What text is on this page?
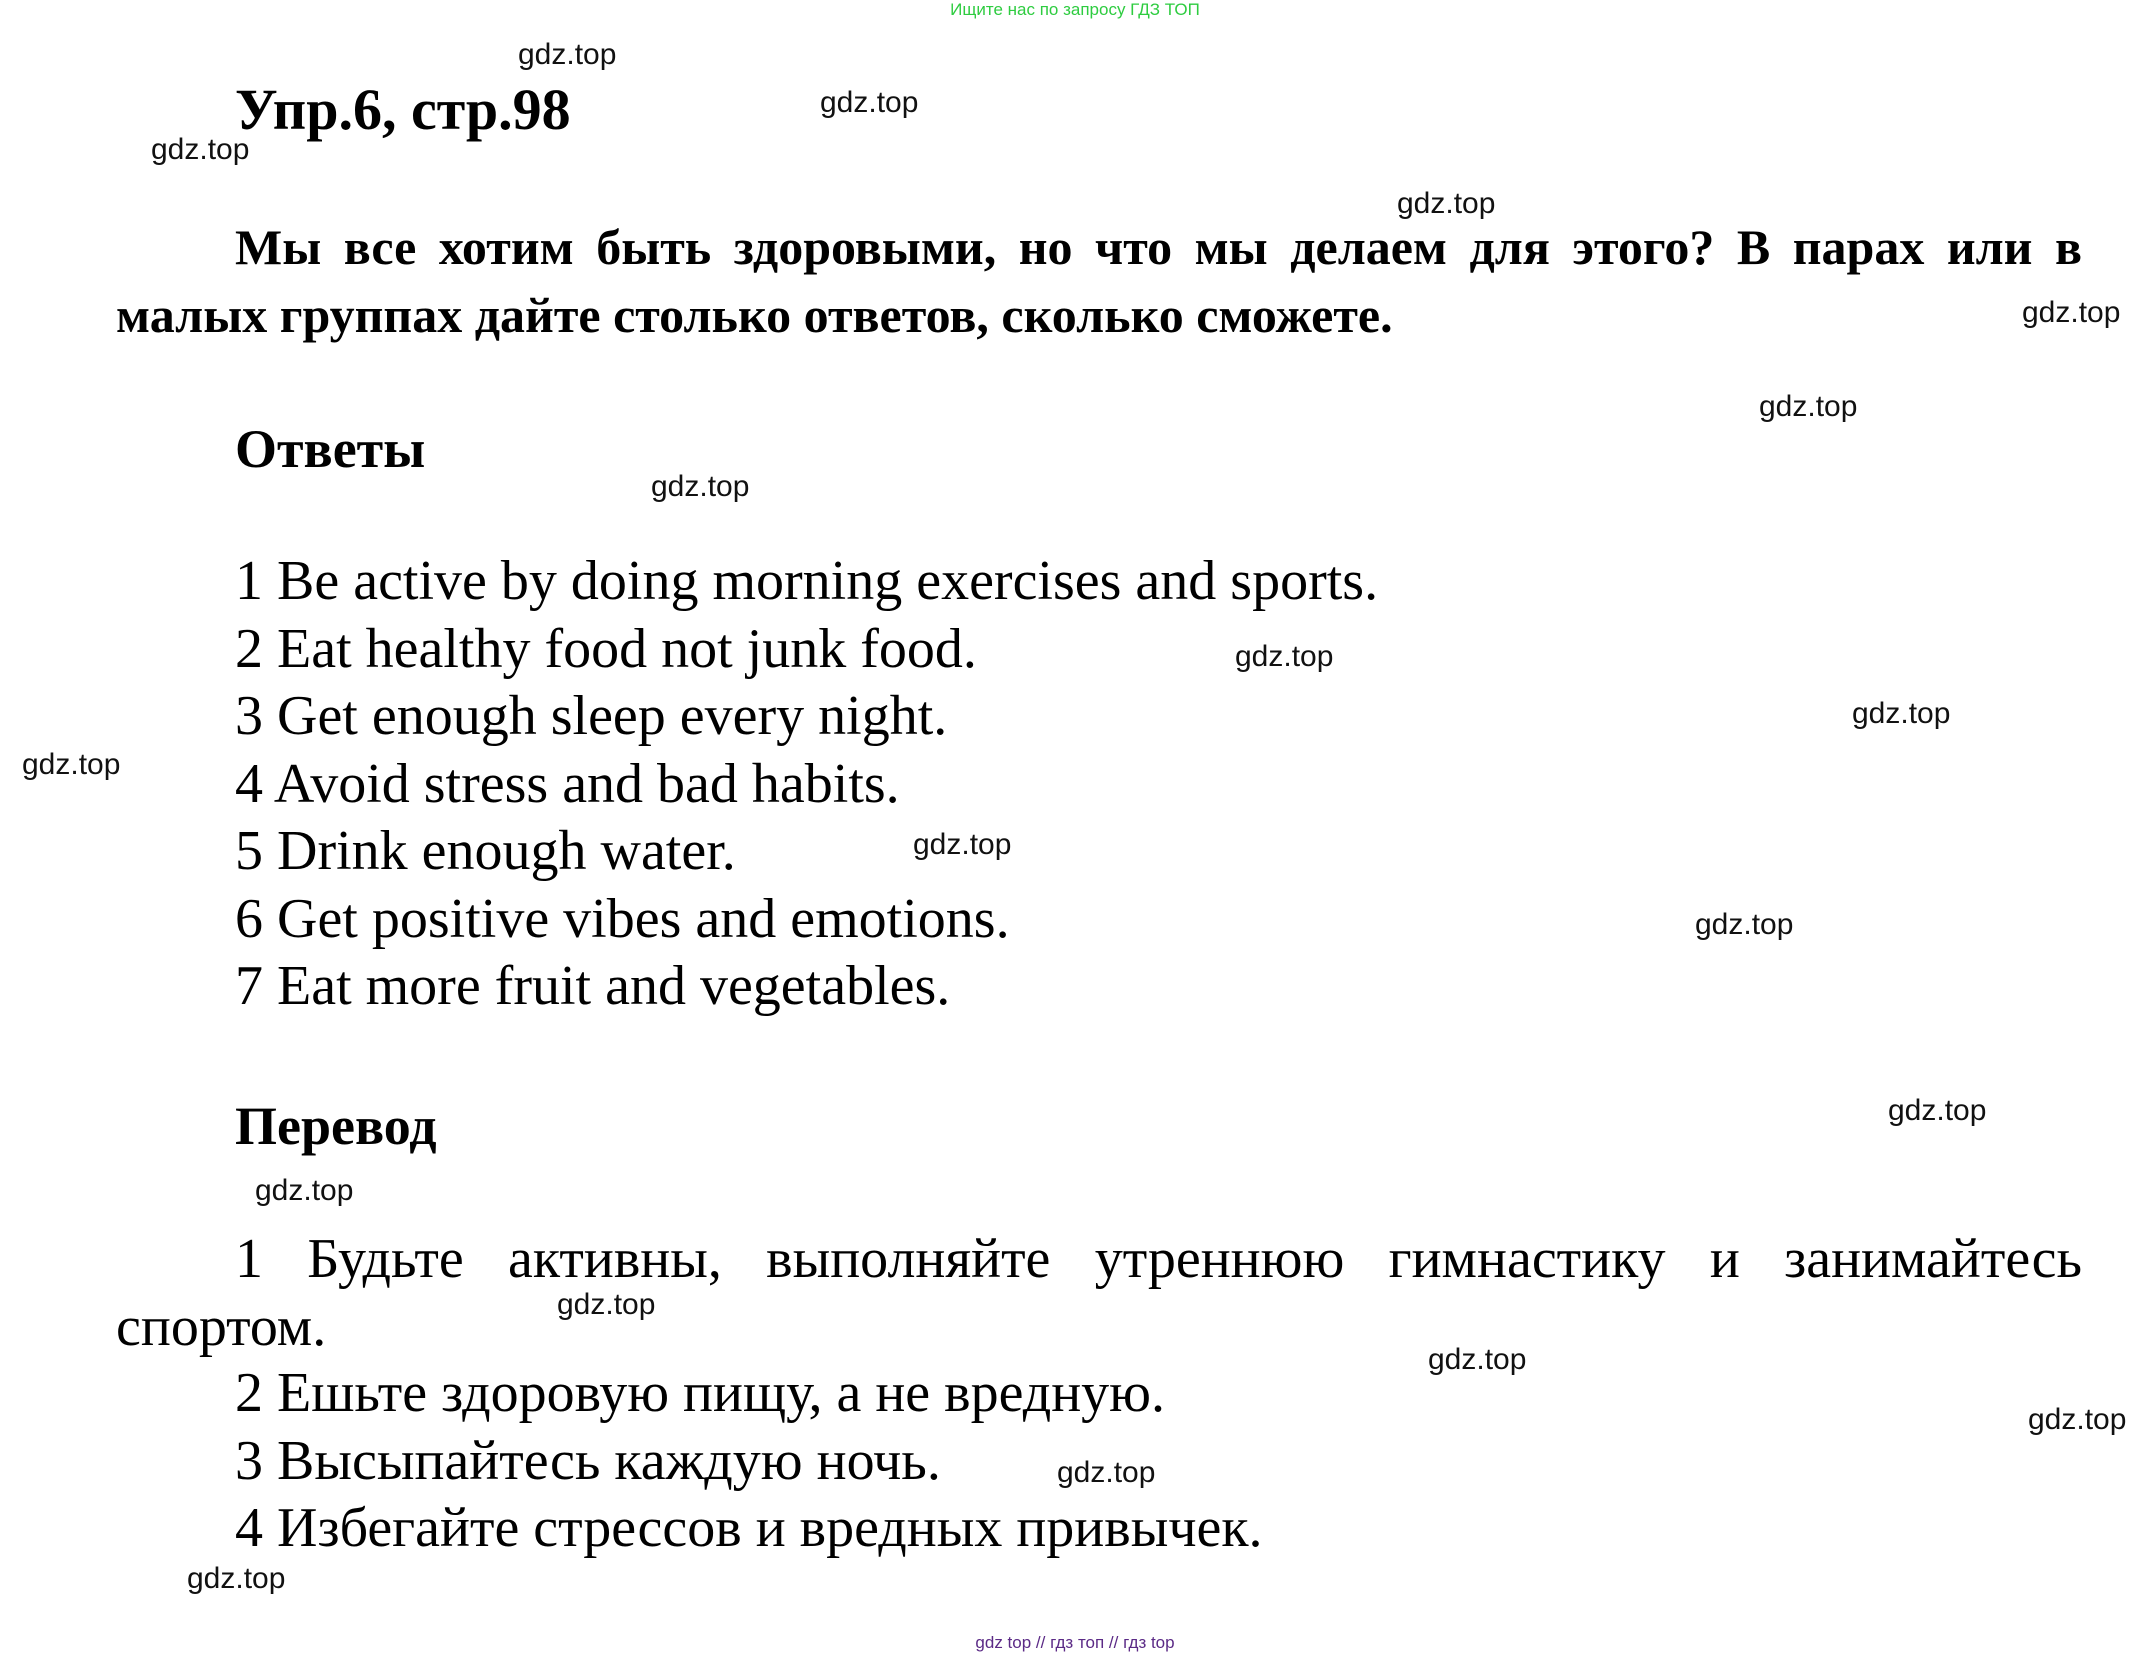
Ищите нас по запросу ГДЗ ТОП
Упр.6, стр.98
Мы все хотим быть здоровыми, но что мы делаем для этого? В парах или в малых группах дайте столько ответов, сколько сможете.
Ответы
1 Be active by doing morning exercises and sports.
2 Eat healthy food not junk food.
3 Get enough sleep every night.
4 Avoid stress and bad habits.
5 Drink enough water.
6 Get positive vibes and emotions.
7 Eat more fruit and vegetables.
Перевод
1 Будьте активны, выполняйте утреннюю гимнастику и занимайтесь спортом.
2 Ешьте здоровую пищу, а не вредную.
3 Высыпайтесь каждую ночь.
4 Избегайте стрессов и вредных привычек.
gdz.top
gdz.top
gdz.top
gdz.top
gdz.top
gdz.top
gdz.top
gdz.top
gdz.top
gdz.top
gdz.top
gdz.top
gdz.top
gdz.top
gdz.top
gdz.top
gdz.top
gdz.top
gdz.top
gdz top // гдз топ // гдз top
